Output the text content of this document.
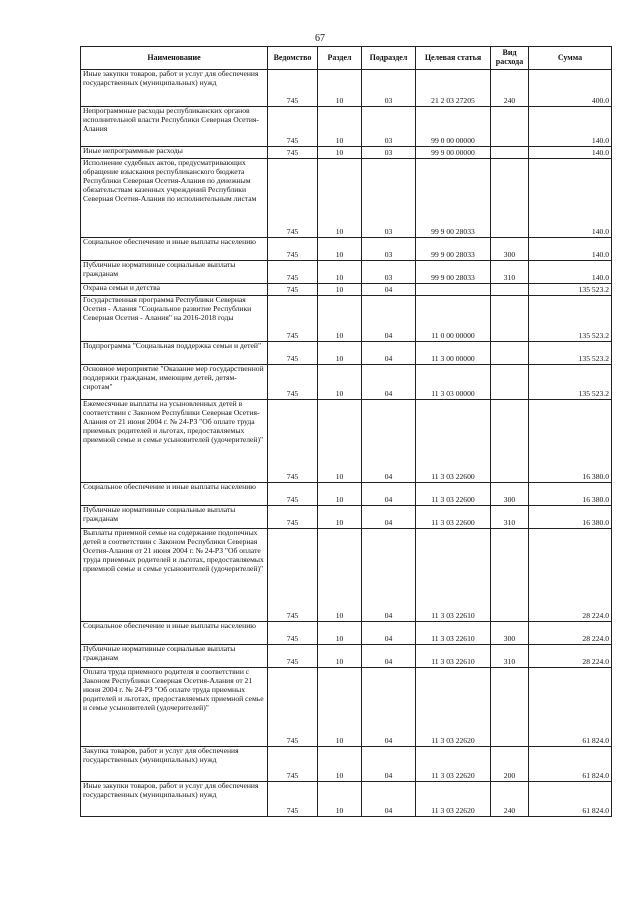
67
Наименование	Ведомство	Раздел	Подраздел	Целевая статья	Вид расхода	Сумма
Иные закупки товаров, работ и услуг для обеспечения государственных (муниципальных) нужд	745	10	03	21 2 03 27205	240	400.0
Непрограммные расходы республиканских органов исполнительной власти Республики Северная Осетия-Алания	745	10	03	99 0 00 00000		140.0
Иные непрограммные расходы	745	10	03	99 9 00 00000		140.0
Исполнение судебных актов, предусматривающих обращение взыскания республиканского бюджета Республики Северная Осетия-Алания по денежным обязательствам казенных учреждений Республики Северная Осетия-Алания по исполнительным листам	745	10	03	99 9 00 28033		140.0
Социальное обеспечение и иные выплаты населению	745	10	03	99 9 00 28033	300	140.0
Публичные нормативные социальные выплаты гражданам	745	10	03	99 9 00 28033	310	140.0
Охрана семьи и детства	745	10	04			135 523.2
Государственная программа Республики Северная Осетия - Алания "Социальное развитие Республики Северная Осетия - Алания" на 2016-2018 годы	745	10	04	11 0 00 00000		135 523.2
Подпрограмма "Социальная поддержка семьи и детей"	745	10	04	11 3 00 00000		135 523.2
Основное мероприятие "Оказание мер государственной поддержки гражданам, имеющим детей, детям-сиротам"	745	10	04	11 3 03 00000		135 523.2
Ежемесячные выплаты на усыновленных детей в соответствии с Законом Республики Северная Осетия-Алания от 21 июня 2004 г. № 24-РЗ "Об оплате труда приемных родителей и льготах, предоставляемых приемной семье и семье усыновителей (удочерителей)"	745	10	04	11 3 03 22600		16 380.0
Социальное обеспечение и иные выплаты населению	745	10	04	11 3 03 22600	300	16 380.0
Публичные нормативные социальные выплаты гражданам	745	10	04	11 3 03 22600	310	16 380.0
Выплаты приемной семье на содержание подопечных детей в соответствии с Законом Республики Северная Осетия-Алания от 21 июня 2004 г. № 24-РЗ "Об оплате труда приемных родителей и льготах, предоставляемых приемной семье и семье усыновителей (удочерителей)"	745	10	04	11 3 03 22610		28 224.0
Социальное обеспечение и иные выплаты населению	745	10	04	11 3 03 22610	300	28 224.0
Публичные нормативные социальные выплаты гражданам	745	10	04	11 3 03 22610	310	28 224.0
Оплата труда приемного родителя в соответствии с Законом Республики Северная Осетия-Алания от 21 июня 2004 г. № 24-РЗ "Об оплате труда приемных родителей и льготах, предоставляемых приемной семье и семье усыновителей (удочерителей)"	745	10	04	11 3 03 22620		61 824.0
Закупка товаров, работ и услуг для обеспечения государственных (муниципальных) нужд	745	10	04	11 3 03 22620	200	61 824.0
Иные закупки товаров, работ и услуг для обеспечения государственных (муниципальных) нужд	745	10	04	11 3 03 22620	240	61 824.0
